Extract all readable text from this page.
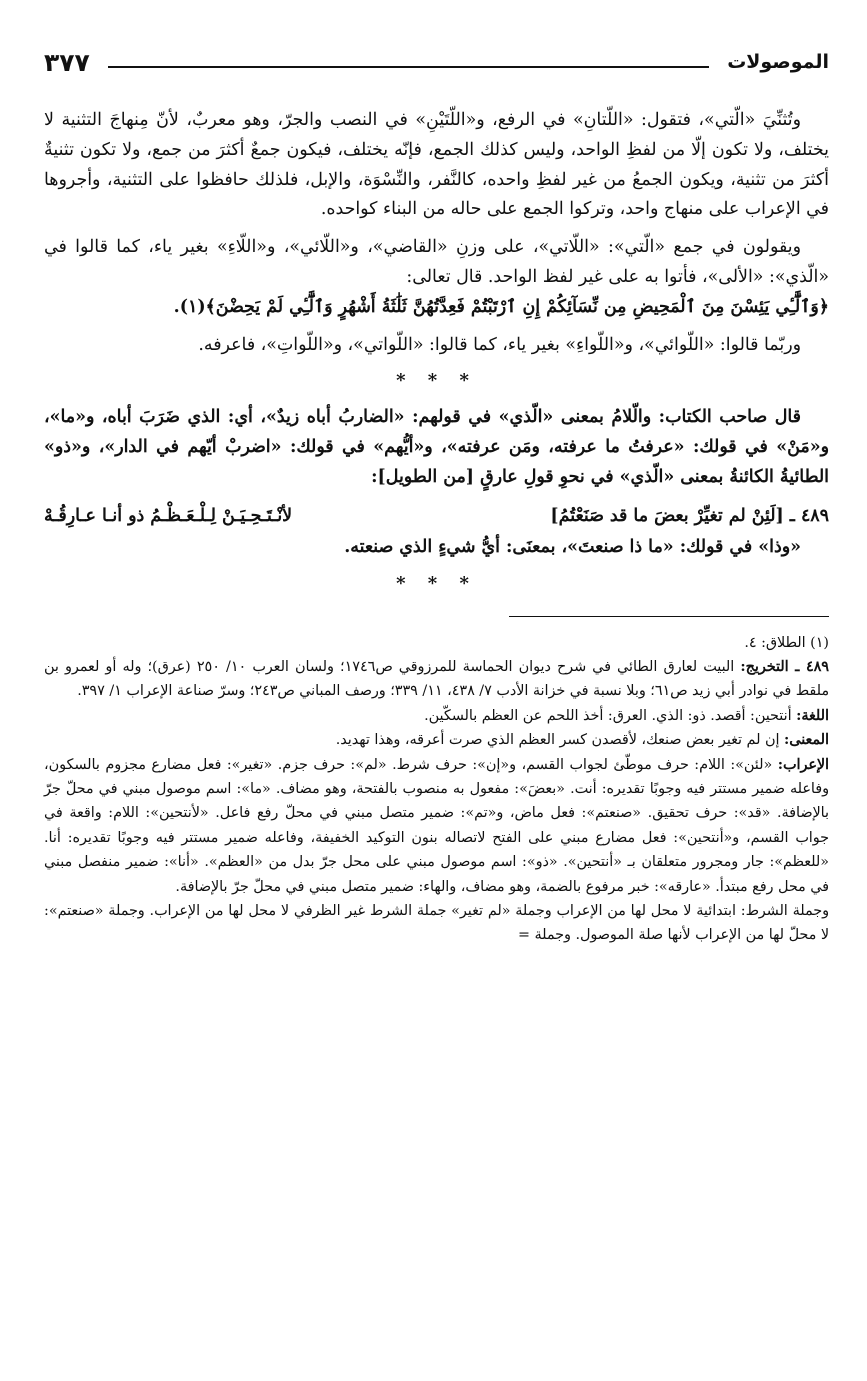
الموصولات
٣٧٧

وتُثنِّيَ «الّتي»، فتقول: «اللّتانِ» في الرفع، و«اللّتَيْنِ» في النصب والجرّ، وهو معربٌ، لأنّ مِنهاجَ التثنية لا يختلف، ولا تكون إلّا من لفظِ الواحد، وليس كذلك الجمع، فإنّه يختلف، فيكون جمعٌ أكثرَ من جمع، ولا تكون تثنيةٌ أكثرَ من تثنية، ويكون الجمعُ من غير لفظِ واحده، كالنَّفر، والنِّسْوَة، والإبل، فلذلك حافظوا على التثنية، وأجروها في الإعراب على منهاج واحد، وتركوا الجمع على حاله من البناء كواحده.

ويقولون في جمع «الّتي»: «اللّاتي»، على وزنِ «القاضي»، و«اللّائي»، و«اللّاءِ» بغير ياء، كما قالوا في «الّذي»: «الألى»، فأتوا به على غير لفظ الواحد. قال تعالى:

﴿وَٱلَّٰٓـِٔي يَئِسْنَ مِنَ ٱلْمَحِيضِ مِن نِّسَآئِكُمْ إِنِ ٱرْتَبْتُمْ فَعِدَّتُهُنَّ ثَلَٰثَةُ أَشْهُرٍ وَٱلَّٰٓـِٔي لَمْ يَحِضْنَ﴾(١).

وربّما قالوا: «اللّوائي»، و«اللّواءِ» بغير ياء، كما قالوا: «اللّواتي»، و«اللّواتِ»، فاعرفه.

* * *

قال صاحب الكتاب: والّلامُ بمعنى «الّذي» في قولهم: «الضاربُ أباه زيدٌ»، أي: الذي ضَرَبَ أباه، و«ما»، و«مَنْ» في قولك: «عرفتُ ما عرفته، ومَن عرفته»، و«أيُّهم» في قولك: «اضربْ أيّهم في الدار»، و«ذو» الطائيةُ الكائنةُ بمعنى «الّذي» في نحوِ قولِ عارقٍ [من الطويل]:

٤٨٩ ـ [لَئِنْ لم تغيِّرْ بعضَ ما قد صَنَعْتُمُ]
لأنْـتَـحِـيَـنْ لِـلْـعَـظْـمُ ذو أنـا عـارِقُـهْ

«وذا» في قولك: «ما ذا صنعتَ»، بمعنَى: أيُّ شيءٍ الذي صنعته.

* * *

(١) الطلاق: ٤.

٤٨٩ ـ التخريج: البيت لعارق الطائي في شرح ديوان الحماسة للمرزوقي ص١٧٤٦؛ ولسان العرب ١٠/ ٢٥٠ (عرق)؛ وله أو لعمرو بن ملقط في نوادر أبي زيد ص٦١؛ وبلا نسبة في خزانة الأدب ٧/ ٤٣٨، ١١/ ٣٣٩؛ ورصف المباني ص٢٤٣؛ وسرّ صناعة الإعراب ١/ ٣٩٧.

اللغة: أنتحين: أقصد. ذو: الذي. العرق: أخذ اللحم عن العظم بالسكّين.

المعنى: إن لم تغير بعض صنعك، لأقصدن كسر العظم الذي صرت أعرقه، وهذا تهديد.

الإعراب: «لئن»: اللام: حرف موطّئ لجواب القسم، و«إن»: حرف شرط. «لم»: حرف جزم. «تغير»: فعل مضارع مجزوم بالسكون، وفاعله ضمير مستتر فيه وجوبًا تقديره: أنت. «بعضَ»: مفعول به منصوب بالفتحة، وهو مضاف. «ما»: اسم موصول مبني في محلّ جرّ بالإضافة. «قد»: حرف تحقيق. «صنعتم»: فعل ماض، و«تم»: ضمير متصل مبني في محلّ رفع فاعل. «لأنتحين»: اللام: واقعة في جواب القسم، و«أنتحين»: فعل مضارع مبني على الفتح لاتصاله بنون التوكيد الخفيفة، وفاعله ضمير مستتر فيه وجوبًا تقديره: أنا. «للعظم»: جار ومجرور متعلقان بـ «أنتحين». «ذو»: اسم موصول مبني على محل جرّ بدل من «العظم». «أنا»: ضمير منفصل مبني في محل رفع مبتدأ. «عارقه»: خبر مرفوع بالضمة، وهو مضاف، والهاء: ضمير متصل مبني في محلّ جرّ بالإضافة.

وجملة الشرط: ابتدائية لا محل لها من الإعراب وجملة «لم تغير» جملة الشرط غير الظرفي لا محل لها من الإعراب. وجملة «صنعتم»: لا محلّ لها من الإعراب لأنها صلة الموصول. وجملة =
